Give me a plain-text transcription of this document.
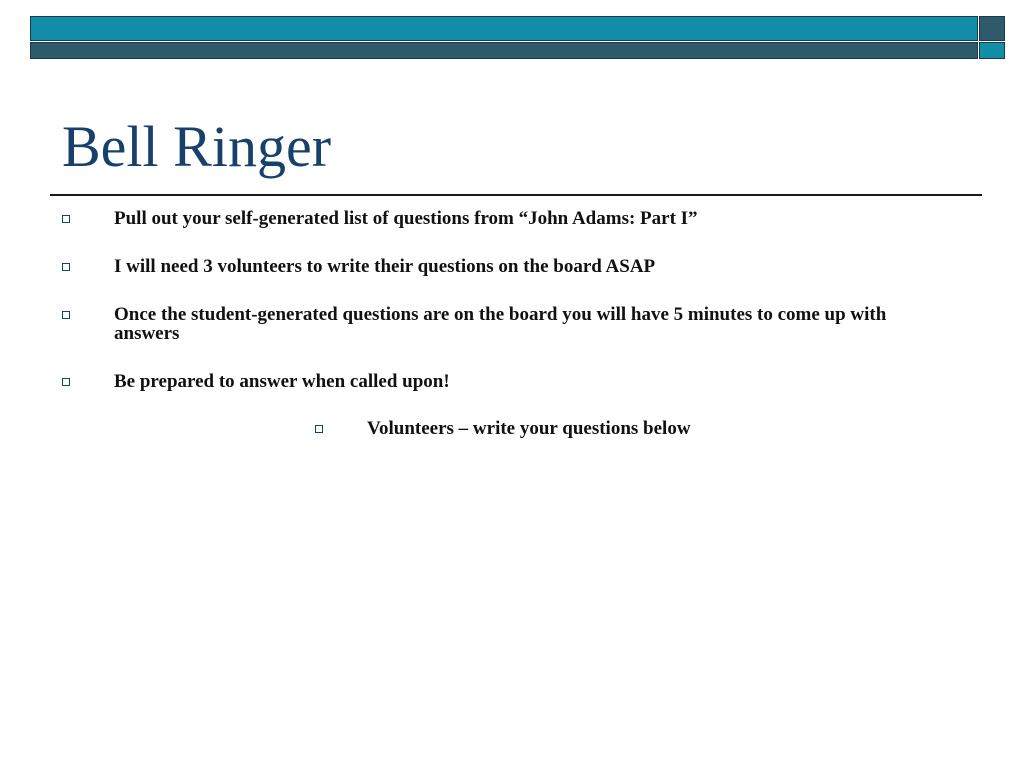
Bell Ringer
Pull out your self-generated list of questions from “John Adams: Part I”
I will need 3 volunteers to write their questions on the board ASAP
Once the student-generated questions are on the board you will have 5 minutes to come up with answers
Be prepared to answer when called upon!
Volunteers – write your questions below
